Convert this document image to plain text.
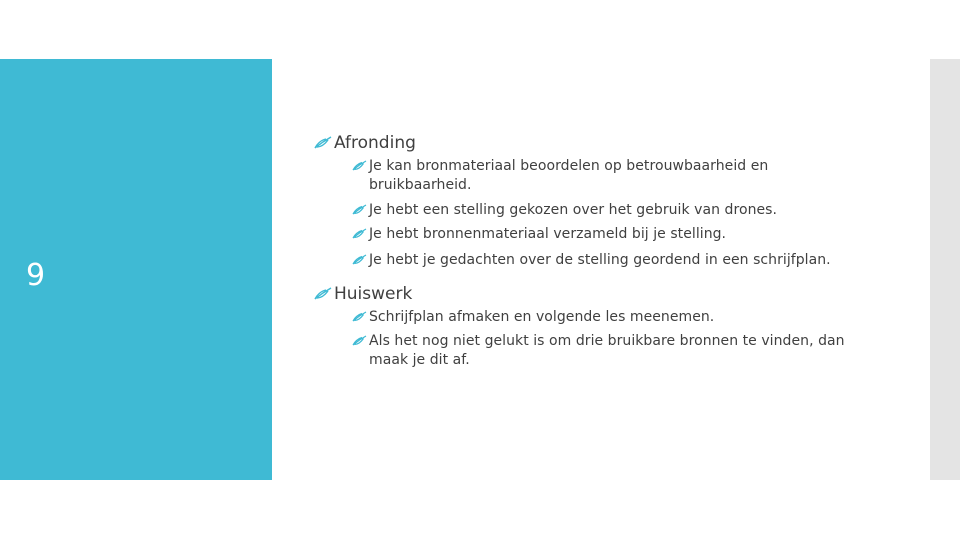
9
Afronding
Je kan bronmateriaal beoordelen op betrouwbaarheid en bruikbaarheid.
Je hebt een stelling gekozen over het gebruik van drones.
Je hebt bronnenmateriaal verzameld bij je stelling.
Je hebt je gedachten over de stelling geordend in een schrijfplan.
Huiswerk
Schrijfplan afmaken en volgende les meenemen.
Als het nog niet gelukt is om drie bruikbare bronnen te vinden, dan maak je dit af.
